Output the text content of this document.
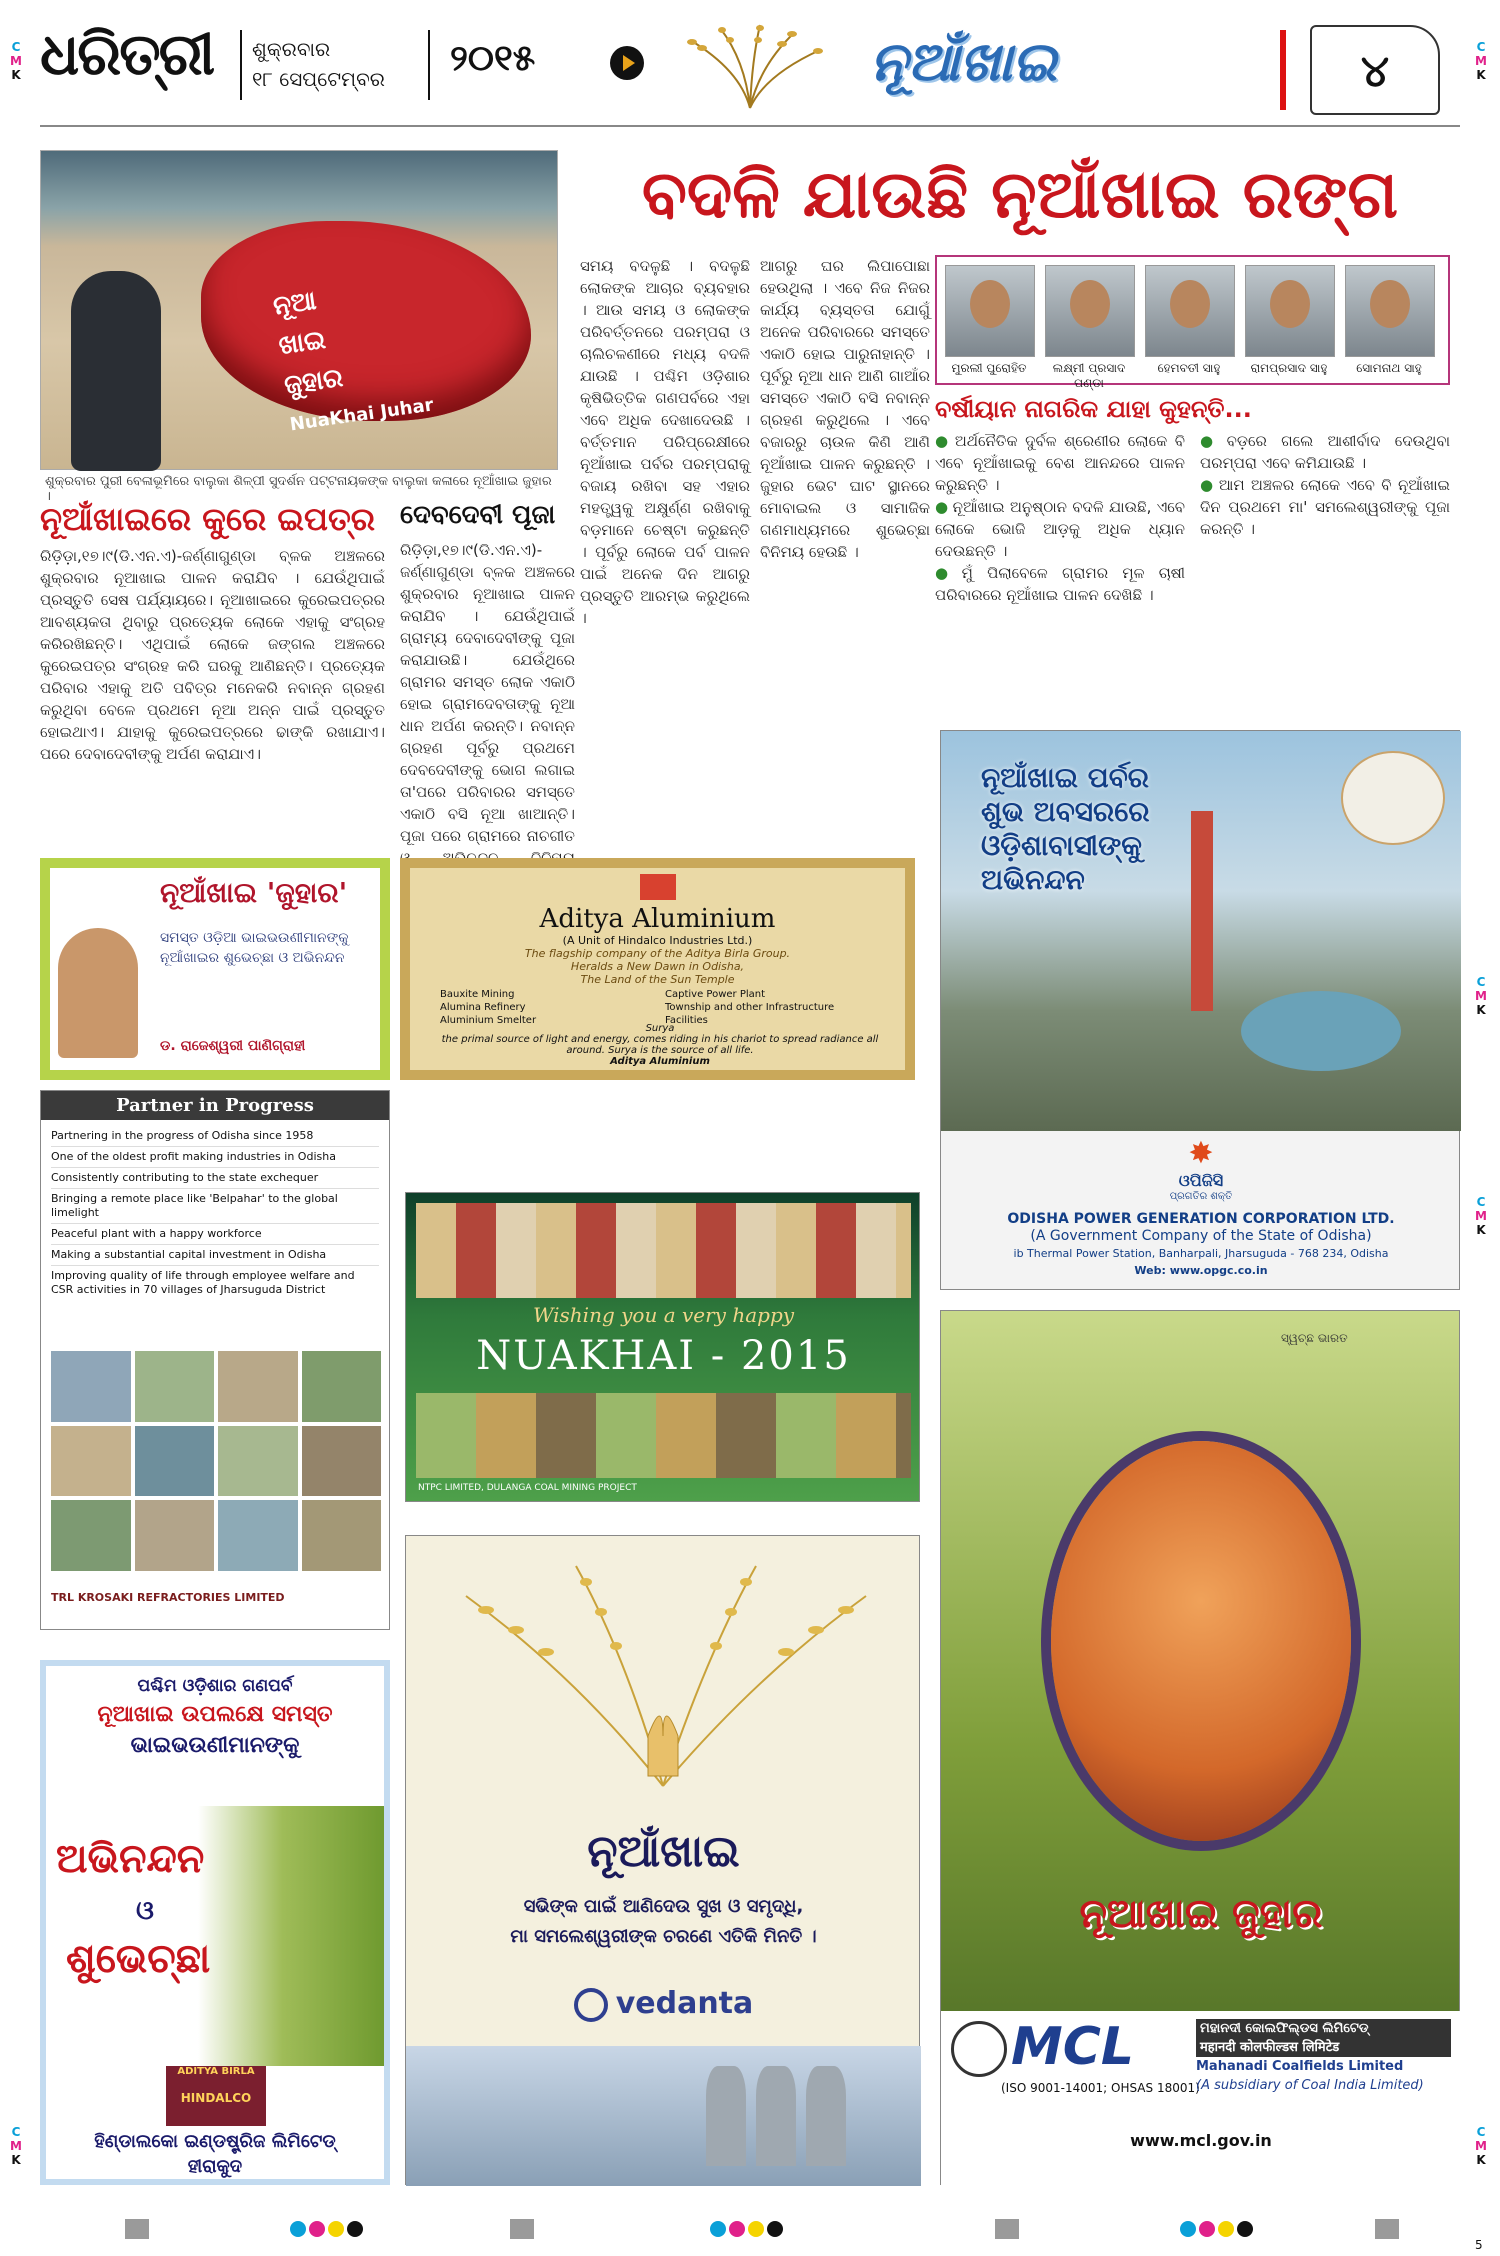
ଧରିତ୍ରୀ ଶୁକ୍ରବାର
୧୮ ସେପ୍ଟେମ୍ବର	୨୦୧୫	ନୂଆଁଖାଇ	୪
C
M
K
C
M
K
C
M
K
C
M
K
C
M
K
C
M
K
ନୂଆ
ଖାଇ
ଜୁହାର
NuaKhai Juhar
ଶୁକ୍ରବାର ପୁରୀ ବେଳାଭୂମିରେ ବାଲୁକା ଶିଳ୍ପୀ ସୁଦର୍ଶନ ପଟ୍ଟନାୟକଙ୍କ ବାଲୁକା କଳାରେ ନୂଆଁଖାଇ ଜୁହାର ।
ବଦଳି ଯାଉଛି ନୂଆଁଖାଇ ରଙ୍ଗ
ନୂଆଁଖାଇରେ କୁରେ ଇପତ୍ର
ରିଡ଼ିଡ଼ା,୧୭।୯(ଡି.ଏନ.ଏ)-ଜର୍ଣ୍ଣାଗୁଣ୍ଡା ବ୍ଳକ ଅଞ୍ଚଳରେ ଶୁକ୍ରବାର ନୂଆଖାଇ ପାଳନ କରାଯିବ । ଯେଉଁଥିପାଇଁ ପ୍ରସ୍ତୁତି ସେଷ ପର୍ଯ୍ୟାୟରେ। ନୂଆଖାଇରେ କୁରେଇପତ୍ରର ଆବଶ୍ୟକତା ଥିବାରୁ ପ୍ରତ୍ୟେକ ଲୋକେ ଏହାକୁ ସଂଗ୍ରହ କରିରଖିଛନ୍ତି। ଏଥିପାଇଁ ଲୋକେ ଜଙ୍ଗଲ ଅଞ୍ଚଳରେ କୁରେଇପତ୍ର ସଂଗ୍ରହ କରି ଘରକୁ ଆଣିଛନ୍ତି। ପ୍ରତ୍ୟେକ ପରିବାର ଏହାକୁ ଅତି ପବିତ୍ର ମନେକରି ନବାନ୍ନ ଗ୍ରହଣ କରୁଥିବା ବେଳେ ପ୍ରଥମେ ନୂଆ ଅନ୍ନ ପାଇଁ ପ୍ରସ୍ତୁତ ହୋଇଥାଏ। ଯାହାକୁ କୁରେଇପତ୍ରରେ ଢାଙ୍କି ରଖାଯାଏ। ପରେ ଦେବାଦେବୀଙ୍କୁ ଅର୍ପଣ କରାଯାଏ।
ଦେବଦେବୀ ପୂଜା
ରିଡ଼ିଡ଼ା,୧୭।୯(ଡି.ଏନ.ଏ)-ଜର୍ଣ୍ଣାଗୁଣ୍ଡା ବ୍ଳକ ଅଞ୍ଚଳରେ ଶୁକ୍ରବାର ନୂଆଖାଇ ପାଳନ କରାଯିବ । ଯେଉଁଥିପାଇଁ ଗ୍ରାମ୍ୟ ଦେବାଦେବୀଙ୍କୁ ପୂଜା କରାଯାଉଛି। ଯେଉଁଥିରେ ଗ୍ରାମର ସମସ୍ତ ଲୋକ ଏକାଠି ହୋଇ ଗ୍ରାମଦେବତାଙ୍କୁ ନୂଆ ଧାନ ଅର୍ପଣ କରନ୍ତି। ନବାନ୍ନ ଗ୍ରହଣ ପୂର୍ବରୁ ପ୍ରଥମେ ଦେବଦେବୀଙ୍କୁ ଭୋଗ ଲଗାଇ ତା'ପରେ ପରିବାରର ସମସ୍ତେ ଏକାଠି ବସି ନୂଆ ଖାଆନ୍ତି। ପୂଜା ପରେ ଗ୍ରାମରେ ନାଚଗୀତ
ସମୟ ବଦଳୁଛି । ବଦଳୁଛି ଲୋକଙ୍କ ଆଚାର ବ୍ୟବହାର । ଆଉ ସମୟ ଓ ଲୋକଙ୍କ ପରିବର୍ତ୍ତନରେ ପରମ୍ପରା ଓ ଚାଲିଚଳଣୀରେ ମଧ୍ୟ ବଦଳି ଯାଉଛି । ପଶ୍ଚିମ ଓଡ଼ିଶାର କୃଷିଭିତ୍ତିକ ଗଣପର୍ବରେ ଏହା ଏବେ ଅଧିକ ଦେଖାଦେଉଛି । ବର୍ତ୍ତମାନ ପରିପ୍ରେକ୍ଷୀରେ ନୂଆଁଖାଇ ପର୍ବର ପରମ୍ପରାକୁ ବଜାୟ ରଖିବା ସହ ଏହାର ମହତ୍ତ୍ୱକୁ ଅକ୍ଷୁର୍ଣ୍ଣ ରଖିବାକୁ ବଡ଼ମାନେ ଚେଷ୍ଟା କରୁଛନ୍ତି । ପୂର୍ବରୁ ଲୋକେ ପର୍ବ ପାଳନ ପାଇଁ ଅନେକ ଦିନ ଆଗରୁ ପ୍ରସ୍ତୁତି ଆରମ୍ଭ କରୁଥିଲେ ।
ଆଗରୁ ଘର ଲିପାପୋଛା ହେଉଥିଲା । ଏବେ ନିଜ ନିଜର କାର୍ଯ୍ୟ ବ୍ୟସ୍ତତା ଯୋଗୁଁ ଅନେକ ପରିବାରରେ ସମସ୍ତେ ଏକାଠି ହୋଇ ପାରୁନାହାନ୍ତି । ପୂର୍ବରୁ ନୂଆ ଧାନ ଆଣି ଗାଆଁର ସମସ୍ତେ ଏକାଠି ବସି ନବାନ୍ନ ଗ୍ରହଣ କରୁଥିଲେ । ଏବେ ବଜାରରୁ ଚାଉଳ କିଣି ଆଣି ନୂଆଁଖାଇ ପାଳନ କରୁଛନ୍ତି । ଜୁହାର ଭେଟ ଘାଟ ସ୍ଥାନରେ ମୋବାଇଲ ଓ ସାମାଜିକ ଗଣମାଧ୍ୟମରେ ଶୁଭେଚ୍ଛା ବିନିମୟ ହେଉଛି ।
ମୁରଲୀ ପୁରୋହିତ	ଲକ୍ଷ୍ମୀ ପ୍ରସାଦ ପଣ୍ଡା
ହେମବତୀ ସାହୁ	ରାମପ୍ରସାଦ ସାହୁ	ସୋମନାଥ ସାହୁ
ବର୍ଷୀୟାନ ନାଗରିକ ଯାହା କୁହନ୍ତି...
● ଅର୍ଥନୈତିକ ଦୁର୍ବଳ ଶ୍ରେଣୀର ଲୋକେ ବି ଏବେ ନୂଆଁଖାଇକୁ ବେଶ ଆନନ୍ଦରେ ପାଳନ କରୁଛନ୍ତି ।
● ନୂଆଁଖାଇ ଅନୁଷ୍ଠାନ ବଦଳି ଯାଉଛି, ଏବେ ଲୋକେ ଭୋଜି ଆଡ଼କୁ ଅଧିକ ଧ୍ୟାନ ଦେଉଛନ୍ତି ।
● ମୁଁ ପିଲାବେଳେ ଗ୍ରାମର ମୂଳ ଚାଷୀ ପରିବାରରେ ନୂଆଁଖାଇ ପାଳନ ଦେଖିଛି ।
● ବଡ଼ରେ ଗଲେ ଆଶୀର୍ବାଦ ଦେଉଥିବା ପରମ୍ପରା ଏବେ କମିଯାଉଛି ।
● ଆମ ଅଞ୍ଚଳର ଲୋକେ ଏବେ ବି ନୂଆଁଖାଇ ଦିନ ପ୍ରଥମେ ମା' ସମଲେଶ୍ୱରୀଙ୍କୁ ପୂଜା କରନ୍ତି ।
ନୂଆଁଖାଇ 'ଜୁହାର'
ସମସ୍ତ ଓଡ଼ିଆ ଭାଇଭଉଣୀମାନଙ୍କୁ ନୂଆଁଖାଇର ଶୁଭେଚ୍ଛା ଓ ଅଭିନନ୍ଦନ
ଡ. ରାଜେଶ୍ୱରୀ ପାଣିଗ୍ରାହୀ
Aditya Aluminium
(A Unit of Hindalco Industries Ltd.)
The flagship company of the Aditya Birla Group.
Heralds a New Dawn in Odisha,
The Land of the Sun Temple
Bauxite Mining
Alumina Refinery
Aluminium Smelter
Captive Power Plant
Township and other Infrastructure Facilities
Surya
the primal source of light and energy, comes riding in his chariot to spread radiance all around. Surya is the source of all life.
Aditya Aluminium
Partner in Progress
Partnering in the progress of Odisha since 1958
One of the oldest profit making industries in Odisha
Consistently contributing to the state exchequer
Bringing a remote place like 'Belpahar' to the global limelight
Peaceful plant with a happy workforce
Making a substantial capital investment in Odisha
Improving quality of life through employee welfare and CSR activities in 70 villages of Jharsuguda District
TRL KROSAKI REFRACTORIES LIMITED
Wishing you a very happy
NUAKHAI - 2015
NTPC LIMITED, DULANGA COAL MINING PROJECT
ନୂଆଁଖାଇ
ସଭିଙ୍କ ପାଇଁ ଆଣିଦେଉ ସୁଖ ଓ ସମୃଦ୍ଧି,
ମା ସମଲେଶ୍ୱରୀଙ୍କ ଚରଣେ ଏତିକି ମିନତି ।
vedanta
ପଶ୍ଚିମ ଓଡ଼ିଶାର ଗଣପର୍ବ
ନୂଆଖାଇ ଉପଲକ୍ଷେ ସମସ୍ତ
ଭାଇଭଉଣୀମାନଙ୍କୁ
ଅଭିନନ୍ଦନ
ଓ
ଶୁଭେଚ୍ଛା
ADITYA BIRLA
HINDALCO
ହିଣ୍ଡାଲକୋ ଇଣ୍ଡଷ୍ଟ୍ରିଜ ଲିମିଟେଡ୍
ହୀରାକୁଦ
ନୂଆଁଖାଇ ପର୍ବର
ଶୁଭ ଅବସରରେ
ଓଡ଼ିଶାବାସୀଙ୍କୁ
ଅଭିନନ୍ଦନ
✸
ଓପିଜିସି
ପ୍ରଗତିର ଶକ୍ତି
ODISHA POWER GENERATION CORPORATION LTD.
(A Government Company of the State of Odisha)
ib Thermal Power Station, Banharpali, Jharsuguda - 768 234, Odisha
Web: www.opgc.co.in
ସ୍ୱଚ୍ଛ ଭାରତ
ନୂଆଖାଇ ଜୁହାର
MCL
(ISO 9001-14001; OHSAS 18001)
ମହାନଦୀ କୋଲଫିଲ୍ଡସ ଲିମିଟେଡ୍
महानदी कोलफील्डस लिमिटेड
Mahanadi Coalfields Limited
(A subsidiary of Coal India Limited)
www.mcl.gov.in
5
